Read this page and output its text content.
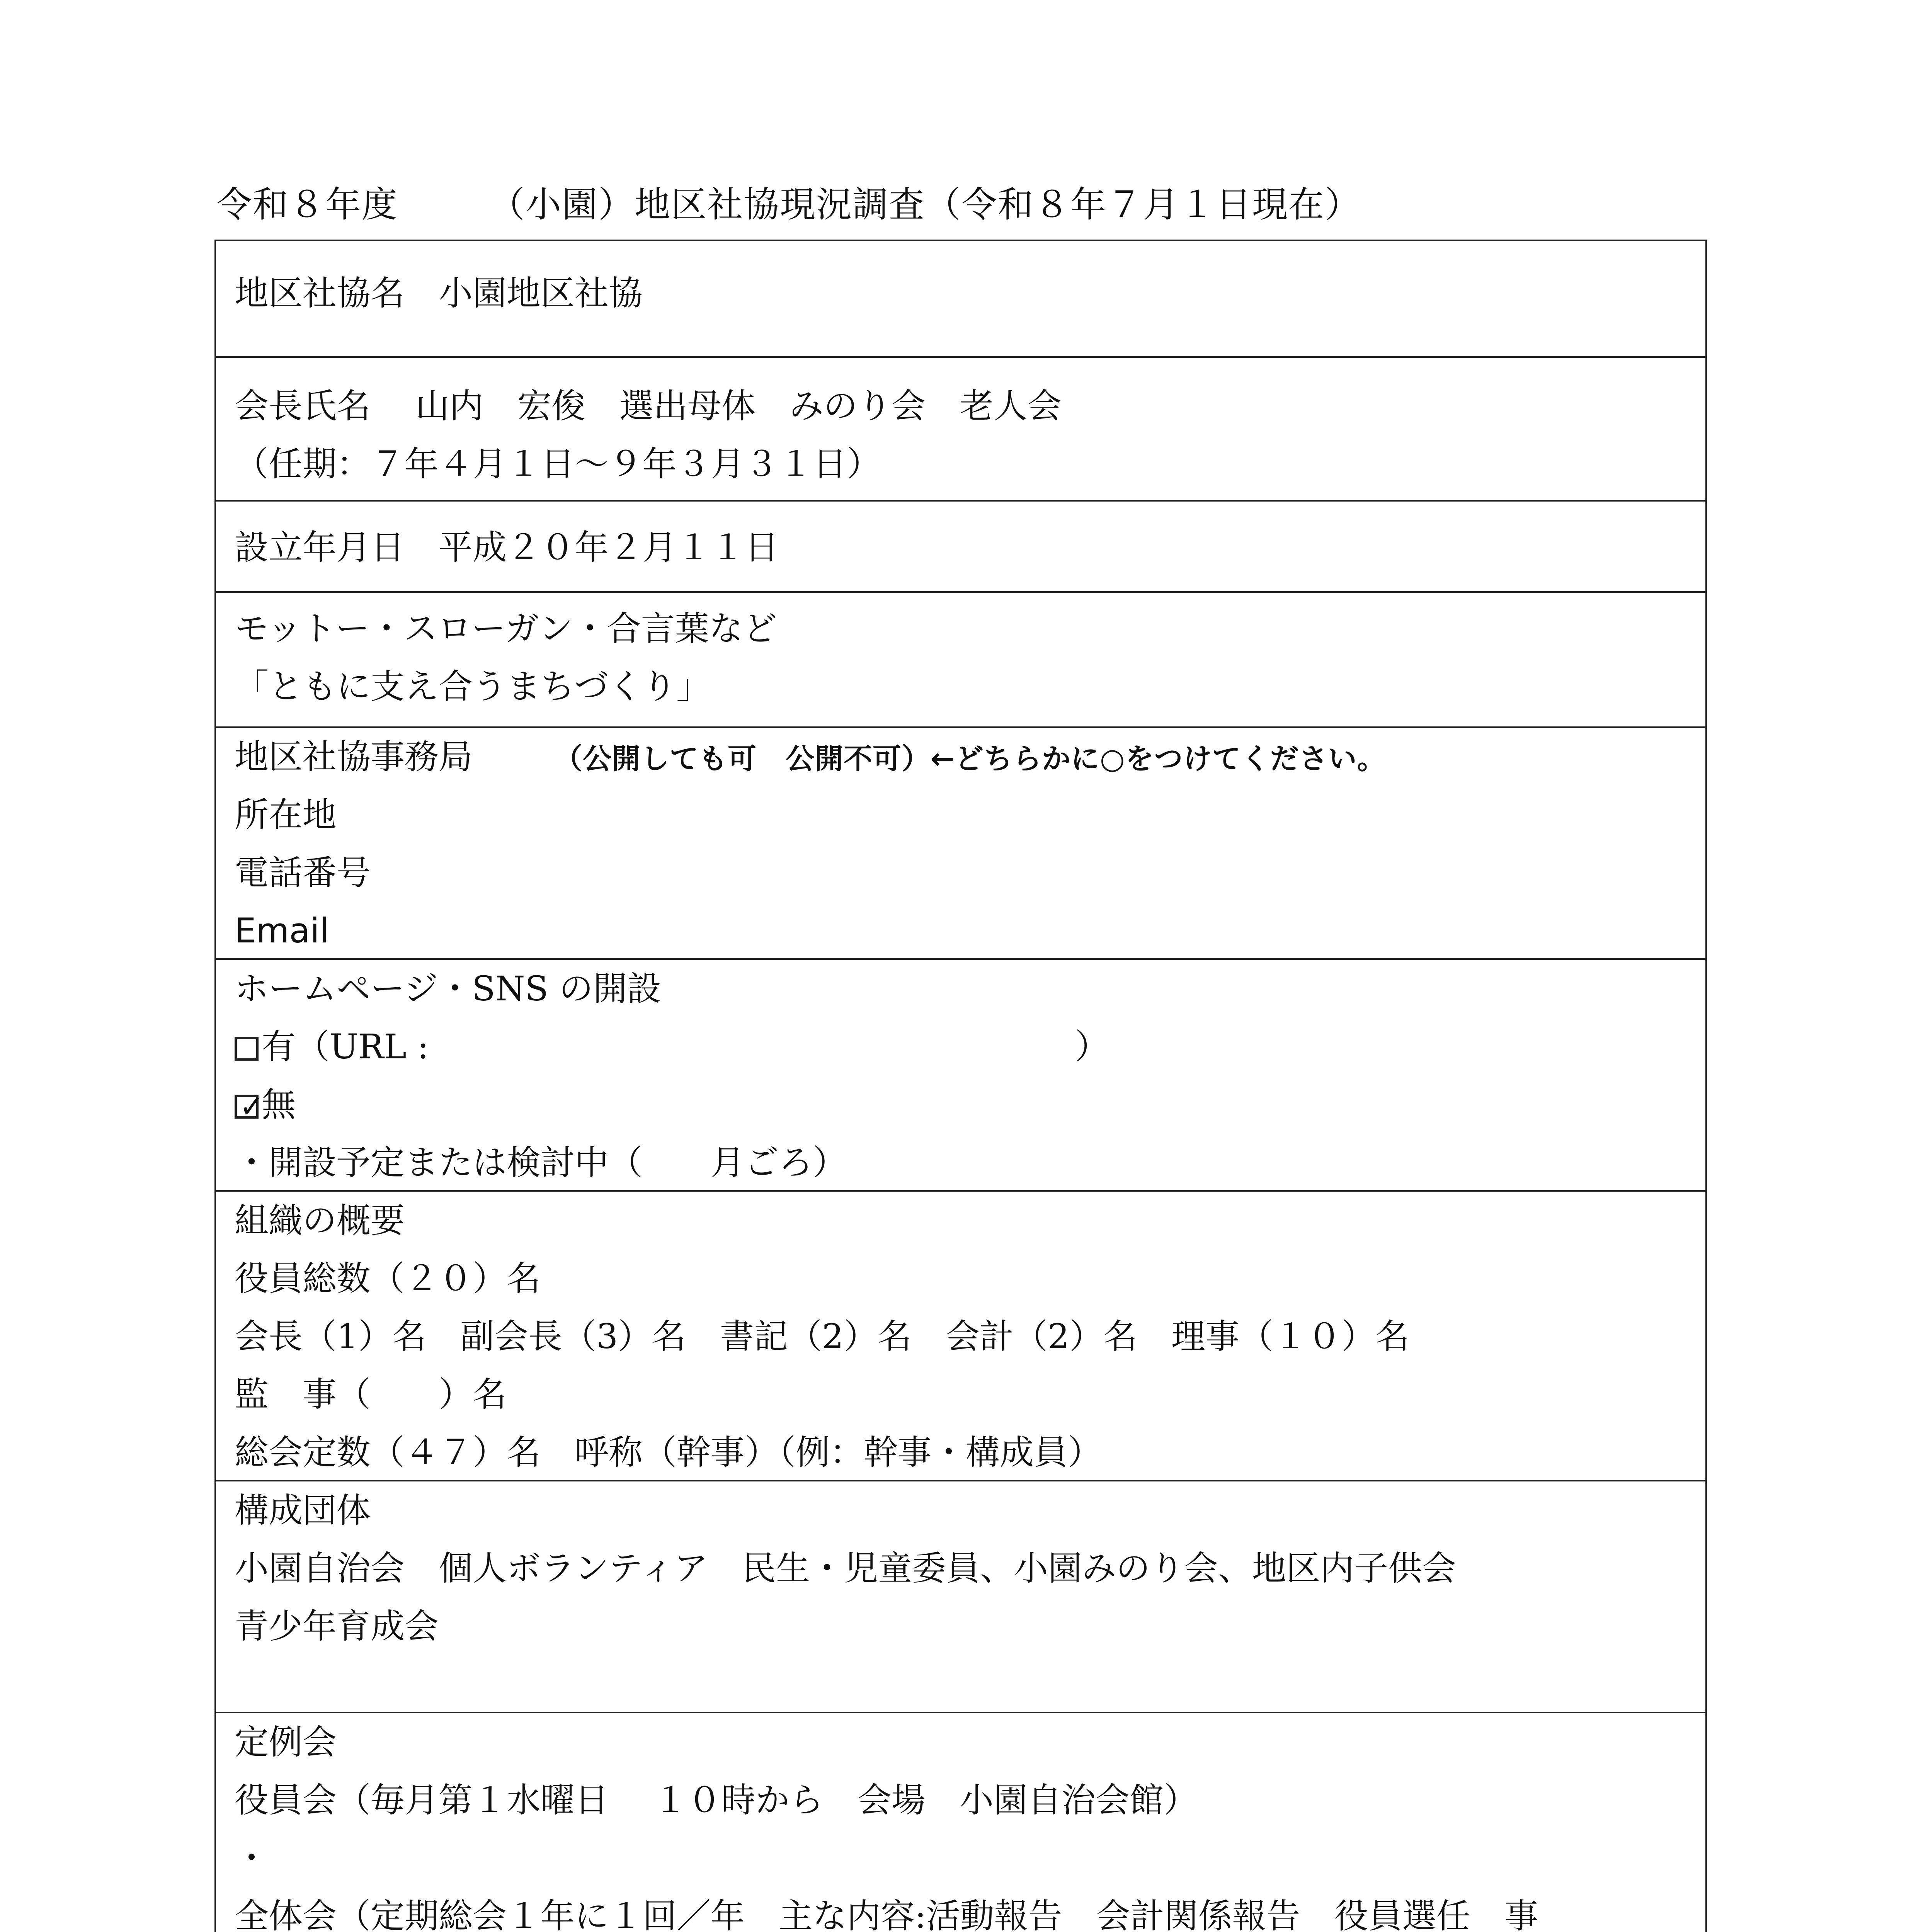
令和８年度　　　（小園）地区社協現況調査（令和８年７月１日現在）
地区社協名　小園地区社協
会長氏名　 山内　宏俊　選出母体　みのり会　老人会
（任期：７年４月１日〜９年３月３１日）
設立年月日　平成２０年２月１１日
モットー・スローガン・合言葉など
「ともに支え合うまちづくり」
地区社協事務局	（公開しても可　公開不可）←どちらかに○をつけてください。
所在地
電話番号
Email
ホームページ・SNS の開設
有（URL :　　　　　　　　　　　　　　　　　　　）
✓
無
・開設予定または検討中（　　月ごろ）
組織の概要
役員総数（２０）名
会長（1）名　副会長（3）名　書記（2）名　会計（2）名　理事（１０）名
監　事（　　）名
総会定数（４７）名　呼称（幹事）（例：幹事・構成員）
構成団体
小園自治会　個人ボランティア　民生・児童委員、小園みのり会、地区内子供会
青少年育成会
定例会
役員会（毎月第１水曜日　 １０時から　会場　小園自治会館）
・
全体会（定期総会１年に１回／年　主な内容:活動報告　会計関係報告　役員選任　事
